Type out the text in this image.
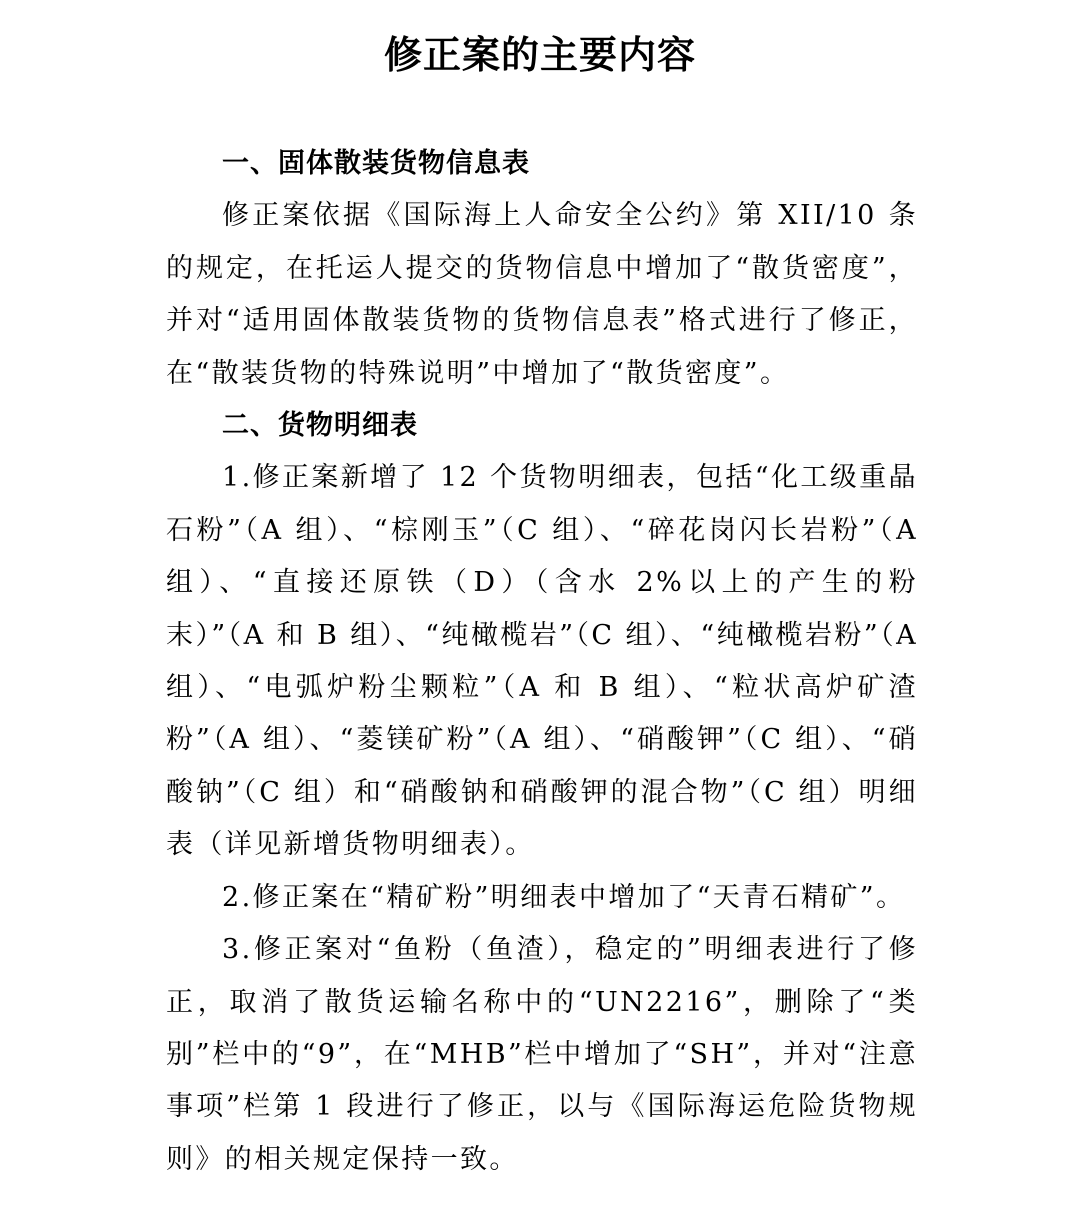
修正案的主要内容
一、固体散装货物信息表

修正案依据《国际海上人命安全公约》第 XII/10 条的规定，在托运人提交的货物信息中增加了“散货密度”，并对“适用固体散装货物的货物信息表”格式进行了修正，在“散装货物的特殊说明”中增加了“散货密度”。

二、货物明细表

1.修正案新增了 12 个货物明细表，包括“化工级重晶石粉”（A 组）、“棕刚玉”（C 组）、“碎花岗闪长岩粉”（A 组）、“直接还原铁（D）（含水 2%以上的产生的粉末）”（A 和 B 组）、“纯橄榄岩”（C 组）、“纯橄榄岩粉”（A 组）、“电弧炉粉尘颗粒”（A 和 B 组）、“粒状高炉矿渣粉”（A 组）、“菱镁矿粉”（A 组）、“硝酸钾”（C 组）、“硝酸钠”（C 组）和“硝酸钠和硝酸钾的混合物”（C 组）明细表（详见新增货物明细表）。

2.修正案在“精矿粉”明细表中增加了“天青石精矿”。

3.修正案对“鱼粉（鱼渣），稳定的”明细表进行了修正，取消了散货运输名称中的“UN2216”，删除了“类别”栏中的“9”，在“MHB”栏中增加了“SH”，并对“注意事项”栏第 1 段进行了修正，以与《国际海运危险货物规则》的相关规定保持一致。
